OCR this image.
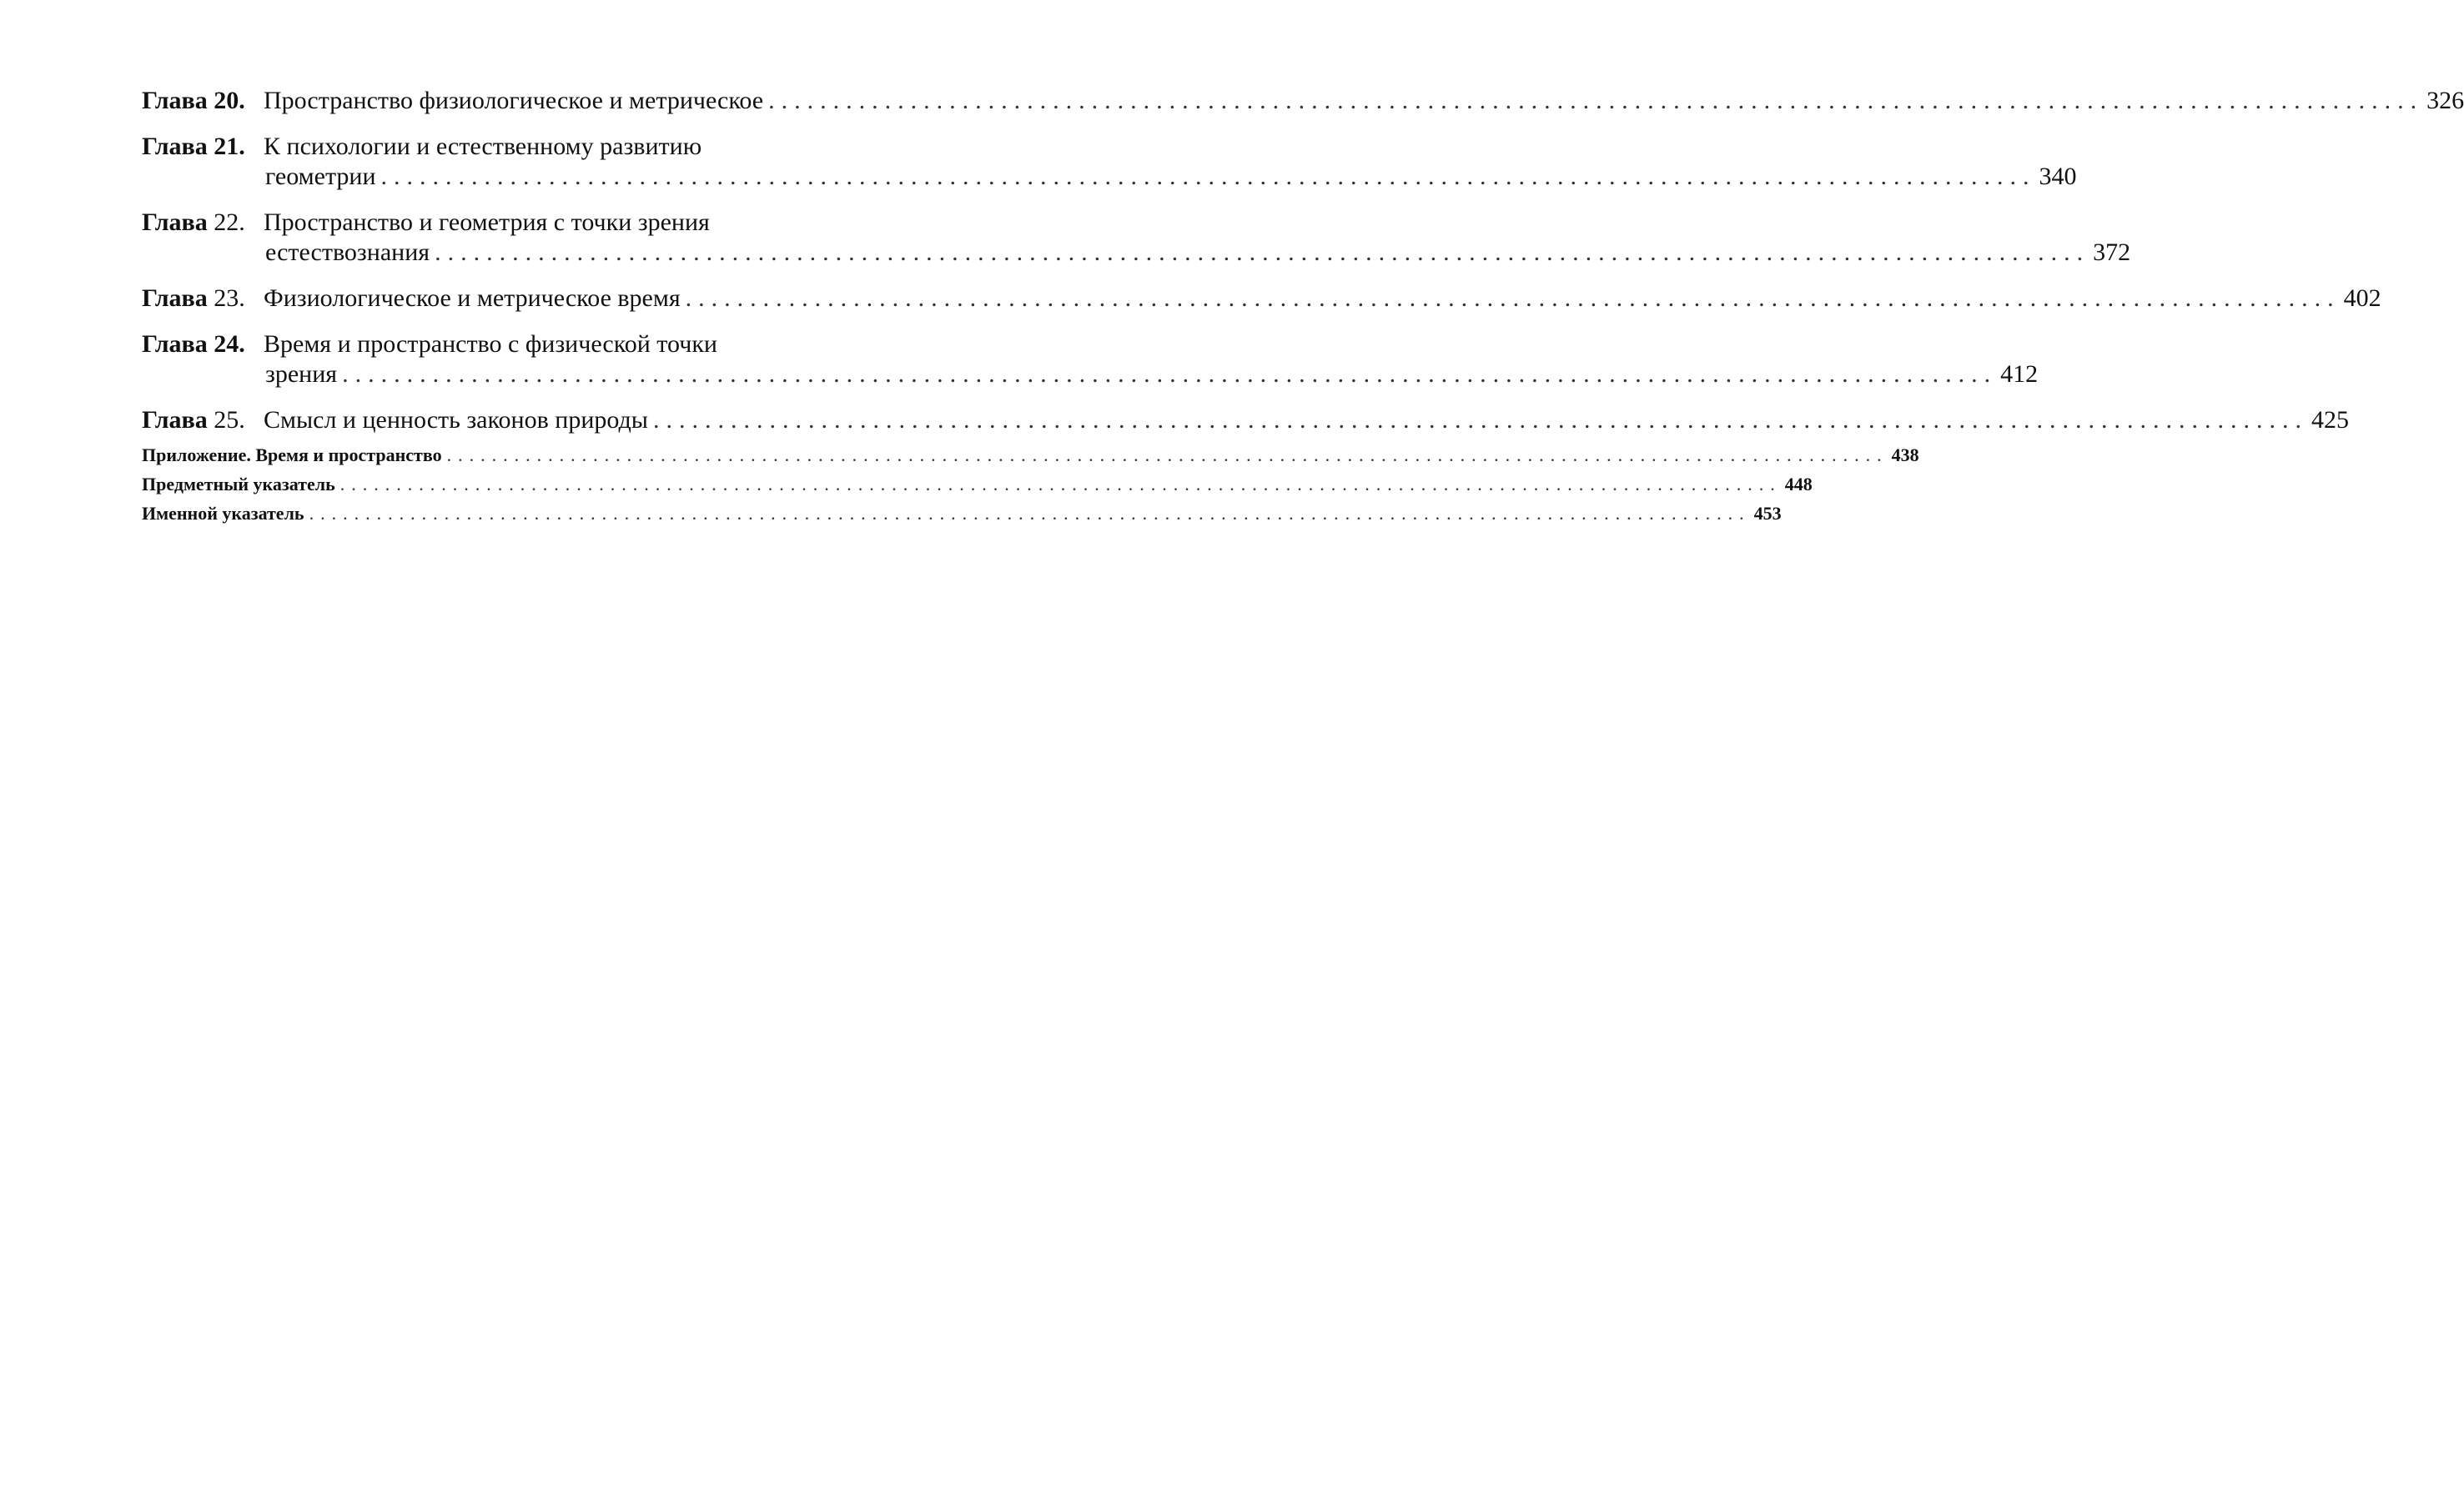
Глава 20. Пространство физиологическое и метрическое ................................................................................................................................ 326
Глава 21. К психологии и естественному развитию
геометрии ................................................................................................................................ 340
Глава 22. Пространство и геометрия с точки зрения
естествознания ................................................................................................................................ 372
Глава 23. Физиологическое и метрическое время ................................................................................................................................ 402
Глава 24. Время и пространство с физической точки
зрения ................................................................................................................................ 412
Глава 25. Смысл и ценность законов природы ................................................................................................................................ 425
Приложение. Время и пространство ................................................................................................................................ 438
Предметный указатель ................................................................................................................................ 448
Именной указатель ................................................................................................................................ 453
